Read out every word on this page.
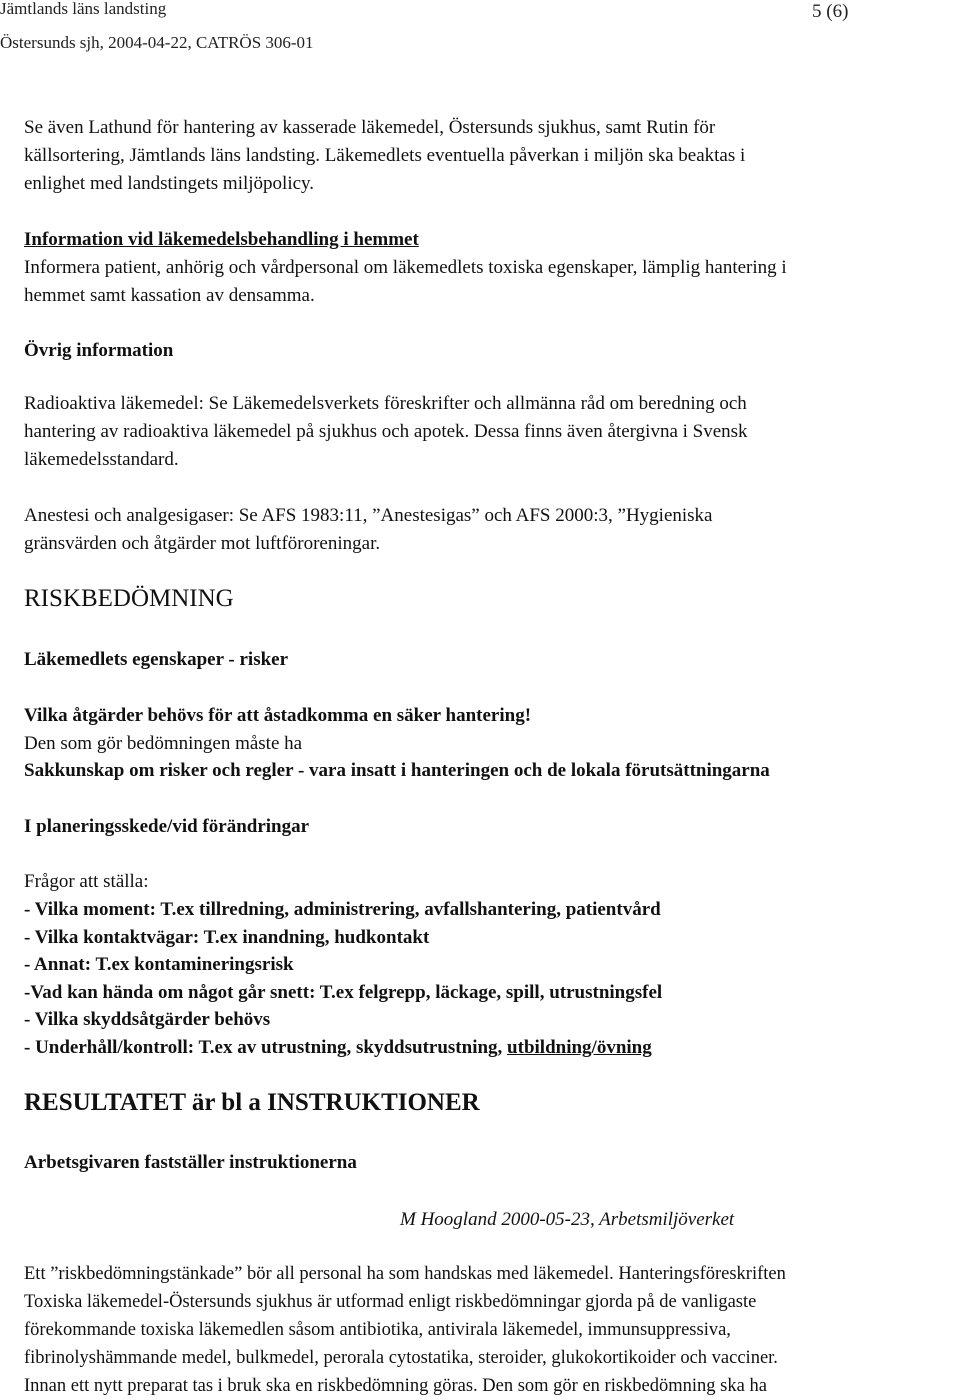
Jämtlands läns landsting	5 (6)
Östersunds sjh, 2004-04-22, CATRÖS 306-01
Se även Lathund för hantering av kasserade läkemedel, Östersunds sjukhus, samt Rutin för
källsortering, Jämtlands läns landsting. Läkemedlets eventuella påverkan i miljön ska beaktas i
enlighet med landstingets miljöpolicy.
Information vid läkemedelsbehandling i hemmet
Informera patient, anhörig och vårdpersonal om läkemedlets toxiska egenskaper, lämplig hantering i
hemmet samt kassation av densamma.
Övrig information
Radioaktiva läkemedel: Se Läkemedelsverkets föreskrifter och allmänna råd om beredning och
hantering av radioaktiva läkemedel på sjukhus och apotek. Dessa finns även återgivna i Svensk
läkemedelsstandard.
Anestesi och analgesigaser: Se AFS 1983:11, ”Anestesigas” och AFS 2000:3, ”Hygieniska
gränsvärden och åtgärder mot luftföroreningar.
RISKBEDÖMNING
Läkemedlets egenskaper - risker
Vilka åtgärder behövs för att åstadkomma en säker hantering!
Den som gör bedömningen måste ha
Sakkunskap om risker och regler - vara insatt i hanteringen och de lokala förutsättningarna
I planeringsskede/vid förändringar
Frågor att ställa:
- Vilka moment: T.ex tillredning, administrering, avfallshantering, patientvård
- Vilka kontaktvägar: T.ex inandning, hudkontakt
- Annat: T.ex kontamineringsrisk
-Vad kan hända om något går snett: T.ex felgrepp, läckage, spill, utrustningsfel
- Vilka skyddsåtgärder behövs
- Underhåll/kontroll: T.ex av utrustning, skyddsutrustning, utbildning/övning
RESULTATET är bl a INSTRUKTIONER
Arbetsgivaren fastställer instruktionerna
M Hoogland 2000-05-23, Arbetsmiljöverket
Ett ”riskbedömningstänkade” bör all personal ha som handskas med läkemedel. Hanteringsföreskriften
Toxiska läkemedel-Östersunds sjukhus är utformad enligt riskbedömningar gjorda på de vanligaste
förekommande toxiska läkemedlen såsom antibiotika, antivirala läkemedel, immunsuppressiva,
fibrinolyshämmande medel, bulkmedel, perorala cytostatika, steroider, glukokortikoider och vacciner.
Innan ett nytt preparat tas i bruk ska en riskbedömning göras. Den som gör en riskbedömning ska ha
